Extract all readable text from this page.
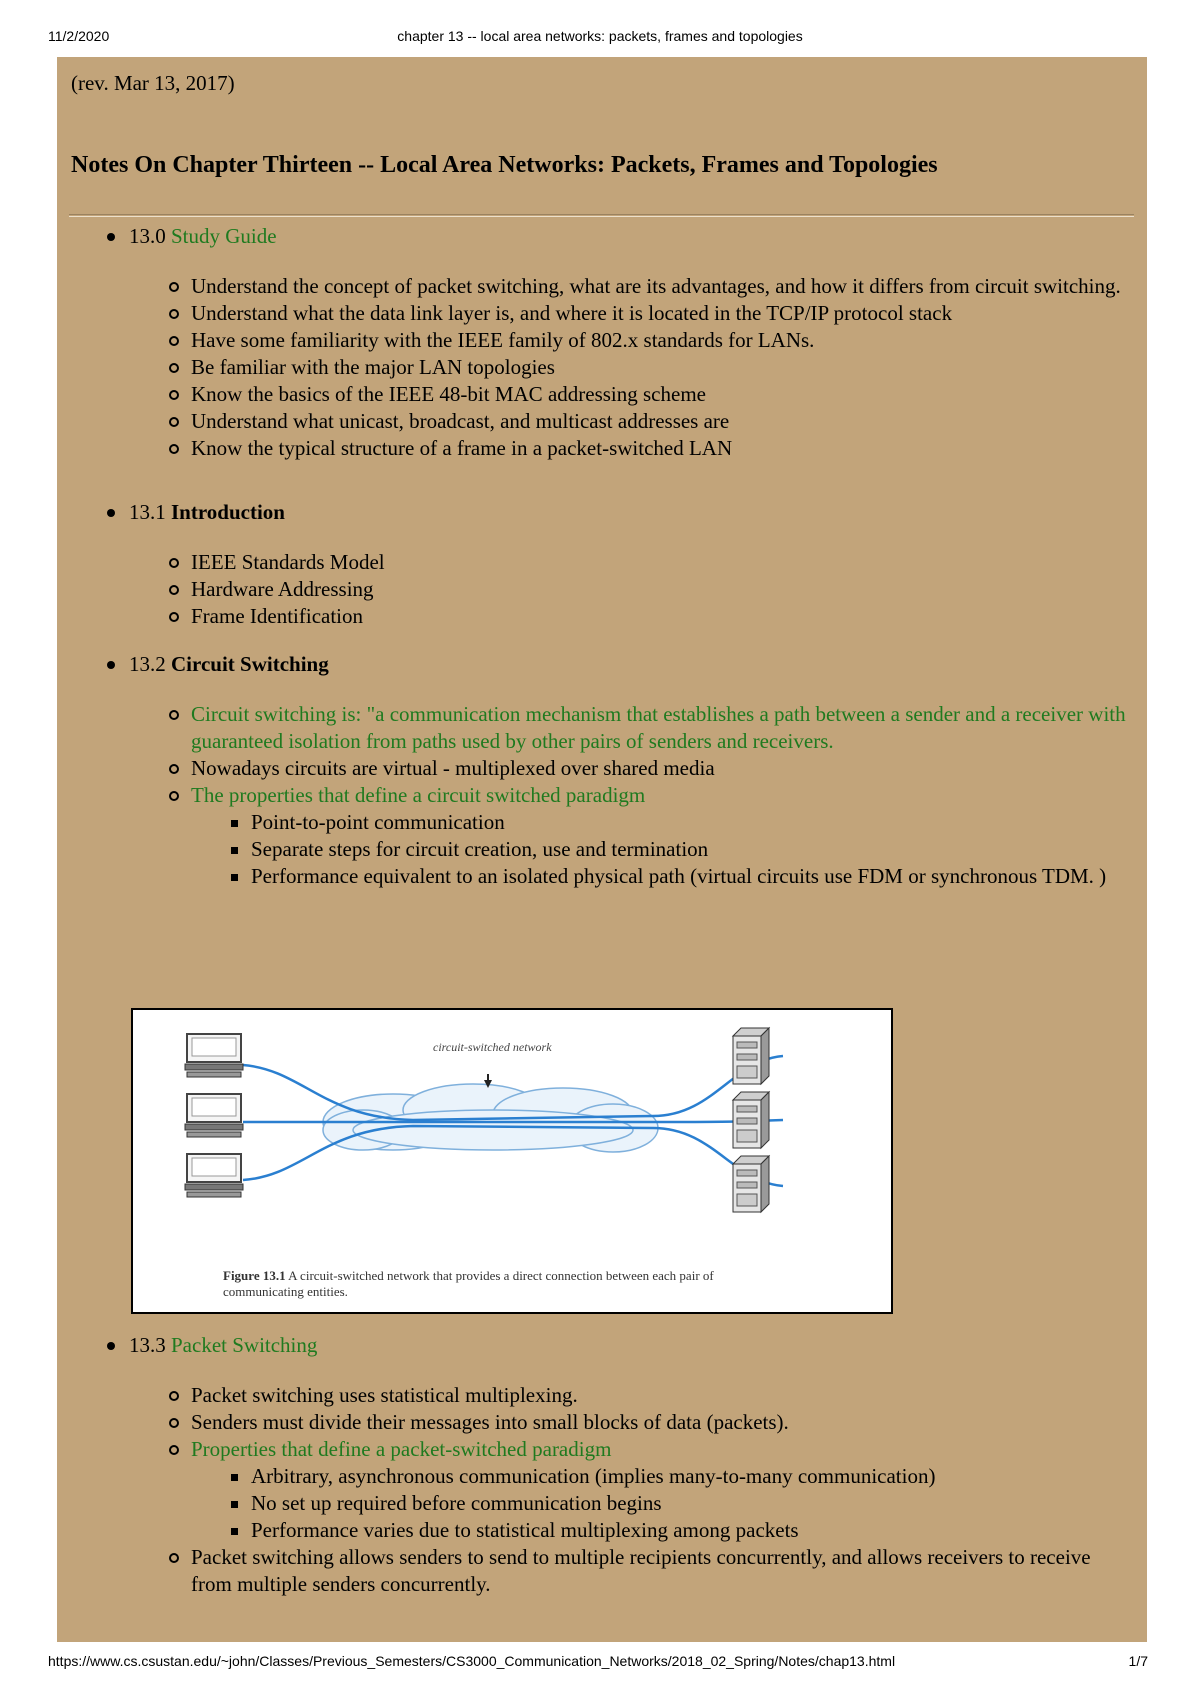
11/2/2020	chapter 13 -- local area networks: packets, frames and topologies
(rev. Mar 13, 2017)
Notes On Chapter Thirteen -- Local Area Networks: Packets, Frames and Topologies
13.0 Study Guide
Understand the concept of packet switching, what are its advantages, and how it differs from circuit switching.
Understand what the data link layer is, and where it is located in the TCP/IP protocol stack
Have some familiarity with the IEEE family of 802.x standards for LANs.
Be familiar with the major LAN topologies
Know the basics of the IEEE 48-bit MAC addressing scheme
Understand what unicast, broadcast, and multicast addresses are
Know the typical structure of a frame in a packet-switched LAN
13.1 Introduction
IEEE Standards Model
Hardware Addressing
Frame Identification
13.2 Circuit Switching
Circuit switching is: "a communication mechanism that establishes a path between a sender and a receiver with guaranteed isolation from paths used by other pairs of senders and receivers.
Nowadays circuits are virtual - multiplexed over shared media
The properties that define a circuit switched paradigm
Point-to-point communication
Separate steps for circuit creation, use and termination
Performance equivalent to an isolated physical path (virtual circuits use FDM or synchronous TDM. )
circuit-switched network
Figure 13.1 A circuit-switched network that provides a direct connection between each pair of communicating entities.
13.3 Packet Switching
Packet switching uses statistical multiplexing.
Senders must divide their messages into small blocks of data (packets).
Properties that define a packet-switched paradigm
Arbitrary, asynchronous communication (implies many-to-many communication)
No set up required before communication begins
Performance varies due to statistical multiplexing among packets
Packet switching allows senders to send to multiple recipients concurrently, and allows receivers to receive from multiple senders concurrently.
https://www.cs.csustan.edu/~john/Classes/Previous_Semesters/CS3000_Communication_Networks/2018_02_Spring/Notes/chap13.html	1/7
